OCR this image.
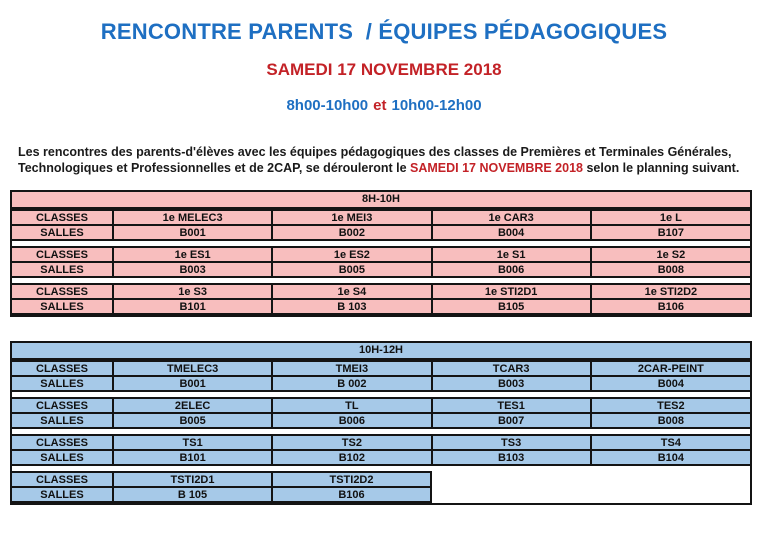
RENCONTRE PARENTS  / ÉQUIPES PÉDAGOGIQUES
SAMEDI 17 NOVEMBRE 2018
8h00-10h00 et 10h00-12h00

Les rencontres des parents-d'élèves avec les équipes pédagogiques des classes de Premières et Terminales Générales, Technologiques et Professionnelles et de 2CAP, se dérouleront le SAMEDI 17 NOVEMBRE 2018 selon le planning suivant.

8H-10H
CLASSES	1e MELEC3	1e MEI3	1e CAR3	1e L
SALLES	B001	B002	B004	B107
CLASSES	1e ES1	1e ES2	1e S1	1e S2
SALLES	B003	B005	B006	B008
CLASSES	1e S3	1e S4	1e STI2D1	1e STI2D2
SALLES	B101	B 103	B105	B106
10H-12H
CLASSES	TMELEC3	TMEI3	TCAR3	2CAR-PEINT
SALLES	B001	B 002	B003	B004
CLASSES	2ELEC	TL	TES1	TES2
SALLES	B005	B006	B007	B008
CLASSES	TS1	TS2	TS3	TS4
SALLES	B101	B102	B103	B104
CLASSES	TSTI2D1	TSTI2D2
SALLES	B 105	B106
